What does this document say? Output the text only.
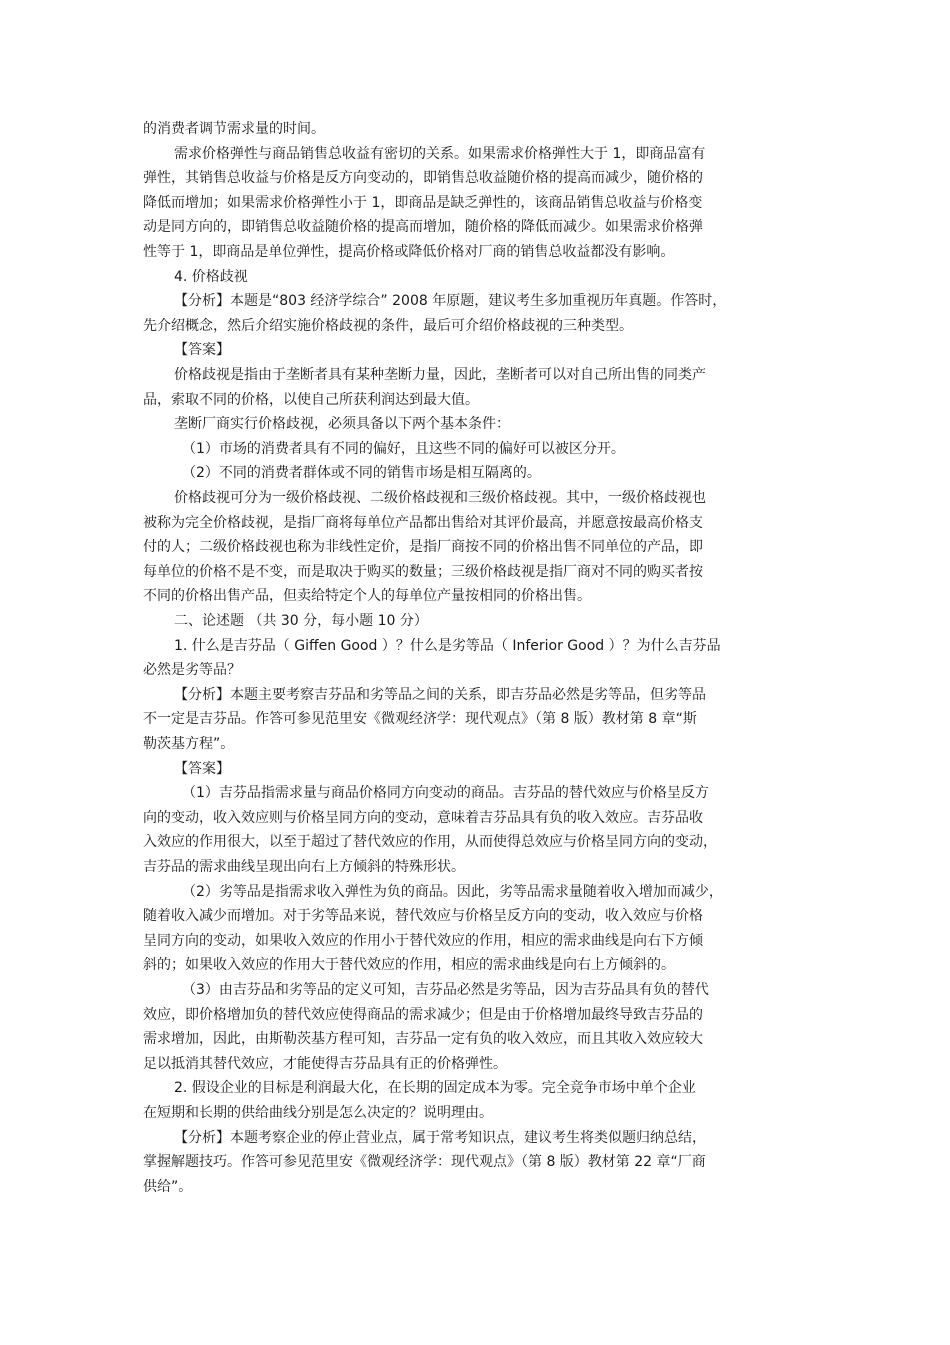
的消费者调节需求量的时间。

需求价格弹性与商品销售总收益有密切的关系。如果需求价格弹性大于 1，即商品富有

弹性，其销售总收益与价格是反方向变动的，即销售总收益随价格的提高而减少，随价格的

降低而增加；如果需求价格弹性小于 1，即商品是缺乏弹性的，该商品销售总收益与价格变

动是同方向的，即销售总收益随价格的提高而增加，随价格的降低而减少。如果需求价格弹

性等于 1，即商品是单位弹性，提高价格或降低价格对厂商的销售总收益都没有影响。

4. 价格歧视

【分析】本题是“803 经济学综合” 2008 年原题，建议考生多加重视历年真题。作答时，

先介绍概念，然后介绍实施价格歧视的条件，最后可介绍价格歧视的三种类型。

【答案】

价格歧视是指由于垄断者具有某种垄断力量，因此，垄断者可以对自己所出售的同类产

品，索取不同的价格，以使自己所获利润达到最大值。

垄断厂商实行价格歧视，必须具备以下两个基本条件：

（1）市场的消费者具有不同的偏好，且这些不同的偏好可以被区分开。

（2）不同的消费者群体或不同的销售市场是相互隔离的。

价格歧视可分为一级价格歧视、二级价格歧视和三级价格歧视。其中，一级价格歧视也

被称为完全价格歧视，是指厂商将每单位产品都出售给对其评价最高，并愿意按最高价格支

付的人；二级价格歧视也称为非线性定价，是指厂商按不同的价格出售不同单位的产品，即

每单位的价格不是不变，而是取决于购买的数量；三级价格歧视是指厂商对不同的购买者按

不同的价格出售产品，但卖给特定个人的每单位产量按相同的价格出售。

二、论述题 （共 30 分，每小题 10 分）

1. 什么是吉芬品（ Giffen Good ）？什么是劣等品（ Inferior Good ）？为什么吉芬品

必然是劣等品？

【分析】本题主要考察吉芬品和劣等品之间的关系，即吉芬品必然是劣等品，但劣等品

不一定是吉芬品。作答可参见范里安《微观经济学：现代观点》（第 8 版）教材第 8 章“斯

勒茨基方程”。

【答案】

（1）吉芬品指需求量与商品价格同方向变动的商品。吉芬品的替代效应与价格呈反方

向的变动，收入效应则与价格呈同方向的变动，意味着吉芬品具有负的收入效应。吉芬品收

入效应的作用很大，以至于超过了替代效应的作用，从而使得总效应与价格呈同方向的变动，

吉芬品的需求曲线呈现出向右上方倾斜的特殊形状。

（2）劣等品是指需求收入弹性为负的商品。因此，劣等品需求量随着收入增加而减少，

随着收入减少而增加。对于劣等品来说，替代效应与价格呈反方向的变动，收入效应与价格

呈同方向的变动，如果收入效应的作用小于替代效应的作用，相应的需求曲线是向右下方倾

斜的；如果收入效应的作用大于替代效应的作用，相应的需求曲线是向右上方倾斜的。

（3）由吉芬品和劣等品的定义可知，吉芬品必然是劣等品，因为吉芬品具有负的替代

效应，即价格增加负的替代效应使得商品的需求减少；但是由于价格增加最终导致吉芬品的

需求增加，因此，由斯勒茨基方程可知，吉芬品一定有负的收入效应，而且其收入效应较大

足以抵消其替代效应，才能使得吉芬品具有正的价格弹性。

2. 假设企业的目标是利润最大化，在长期的固定成本为零。完全竞争市场中单个企业

在短期和长期的供给曲线分别是怎么决定的？说明理由。

【分析】本题考察企业的停止营业点，属于常考知识点，建议考生将类似题归纳总结，

掌握解题技巧。作答可参见范里安《微观经济学：现代观点》（第 8 版）教材第 22 章“厂商

供给”。
